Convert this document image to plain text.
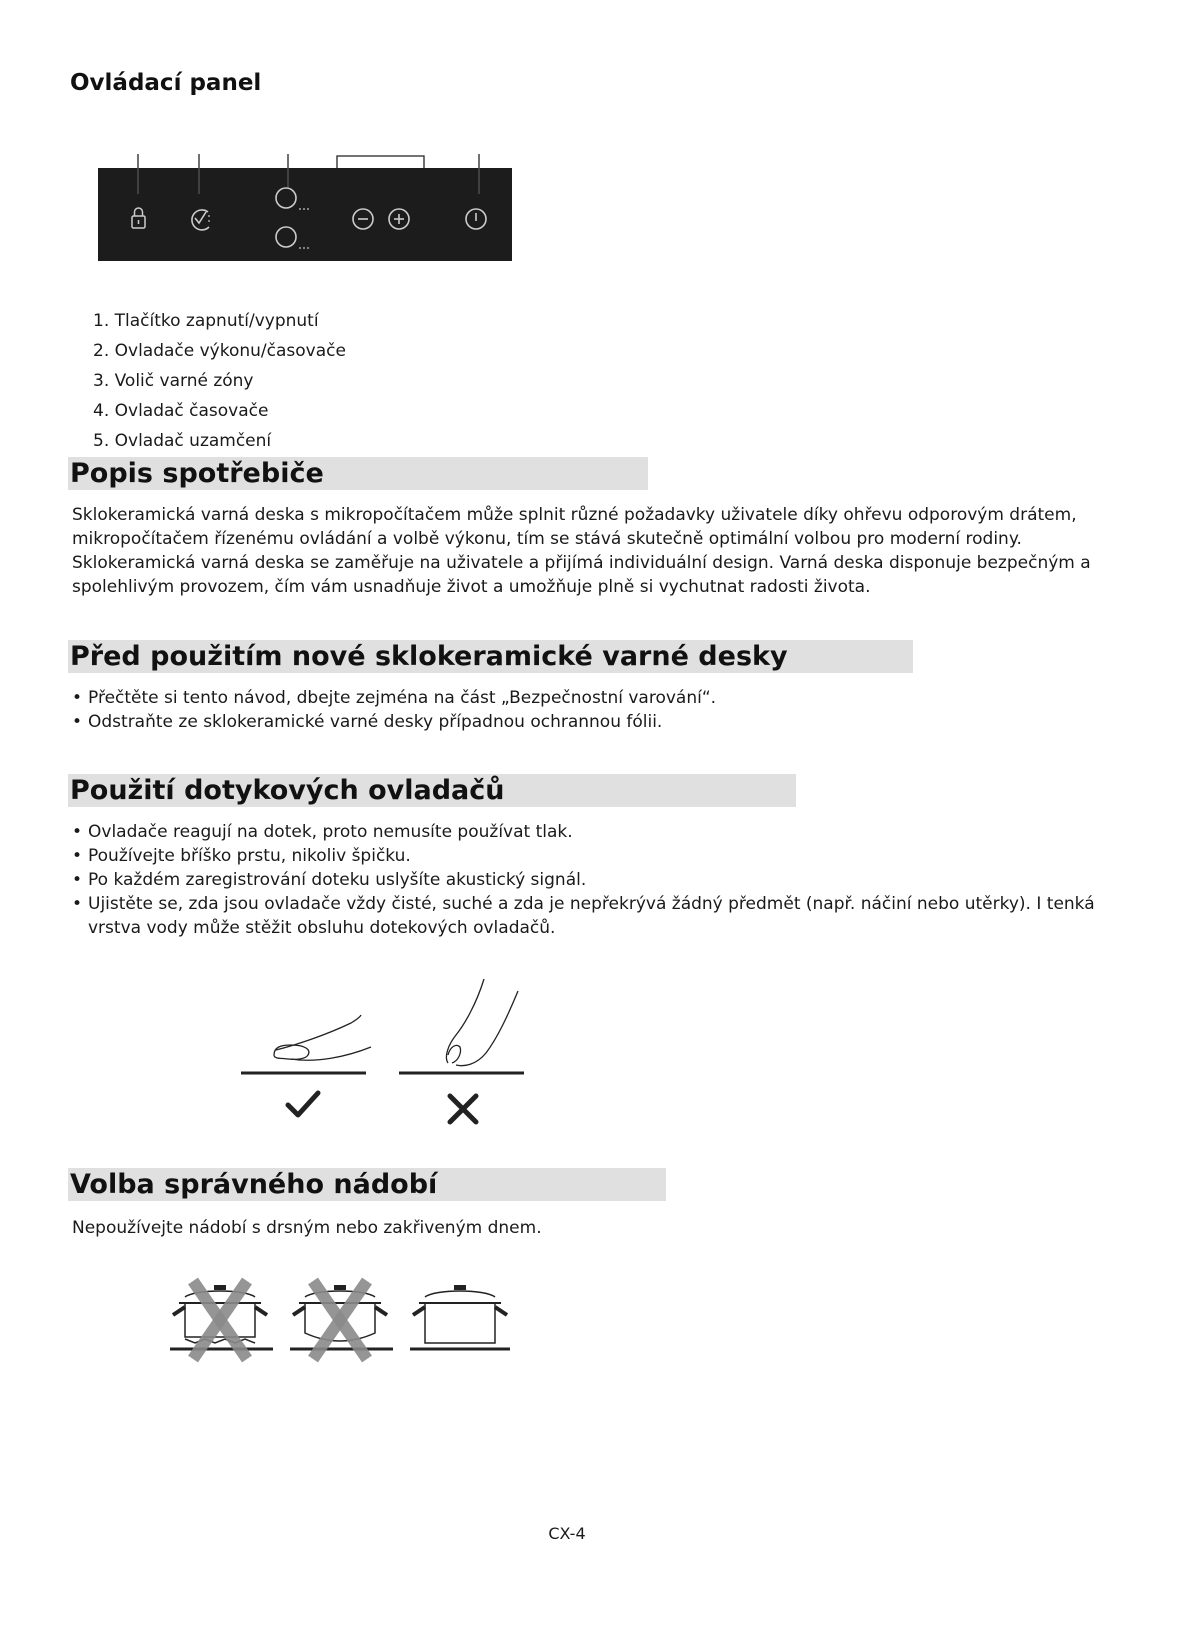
Ovládací panel
1. Tlačítko zapnutí/vypnutí
2. Ovladače výkonu/časovače
3. Volič varné zóny
4. Ovladač časovače
5. Ovladač uzamčení
Popis spotřebiče
Sklokeramická varná deska s mikropočítačem může splnit různé požadavky uživatele díky ohřevu odporovým drátem,
mikropočítačem řízenému ovládání a volbě výkonu, tím se stává skutečně optimální volbou pro moderní rodiny.
Sklokeramická varná deska se zaměřuje na uživatele a přijímá individuální design. Varná deska disponuje bezpečným a
spolehlivým provozem, čím vám usnadňuje život a umožňuje plně si vychutnat radosti života.
Před použitím nové sklokeramické varné desky
• Přečtěte si tento návod, dbejte zejména na část „Bezpečnostní varování“.
• Odstraňte ze sklokeramické varné desky případnou ochrannou fólii.
Použití dotykových ovladačů
• Ovladače reagují na dotek, proto nemusíte používat tlak.
• Používejte bříško prstu, nikoliv špičku.
• Po každém zaregistrování doteku uslyšíte akustický signál.
• Ujistěte se, zda jsou ovladače vždy čisté, suché a zda je nepřekrývá žádný předmět (např. náčiní nebo utěrky). I tenká
vrstva vody může stěžit obsluhu dotekových ovladačů.
Volba správného nádobí
Nepoužívejte nádobí s drsným nebo zakřiveným dnem.
CX-4
